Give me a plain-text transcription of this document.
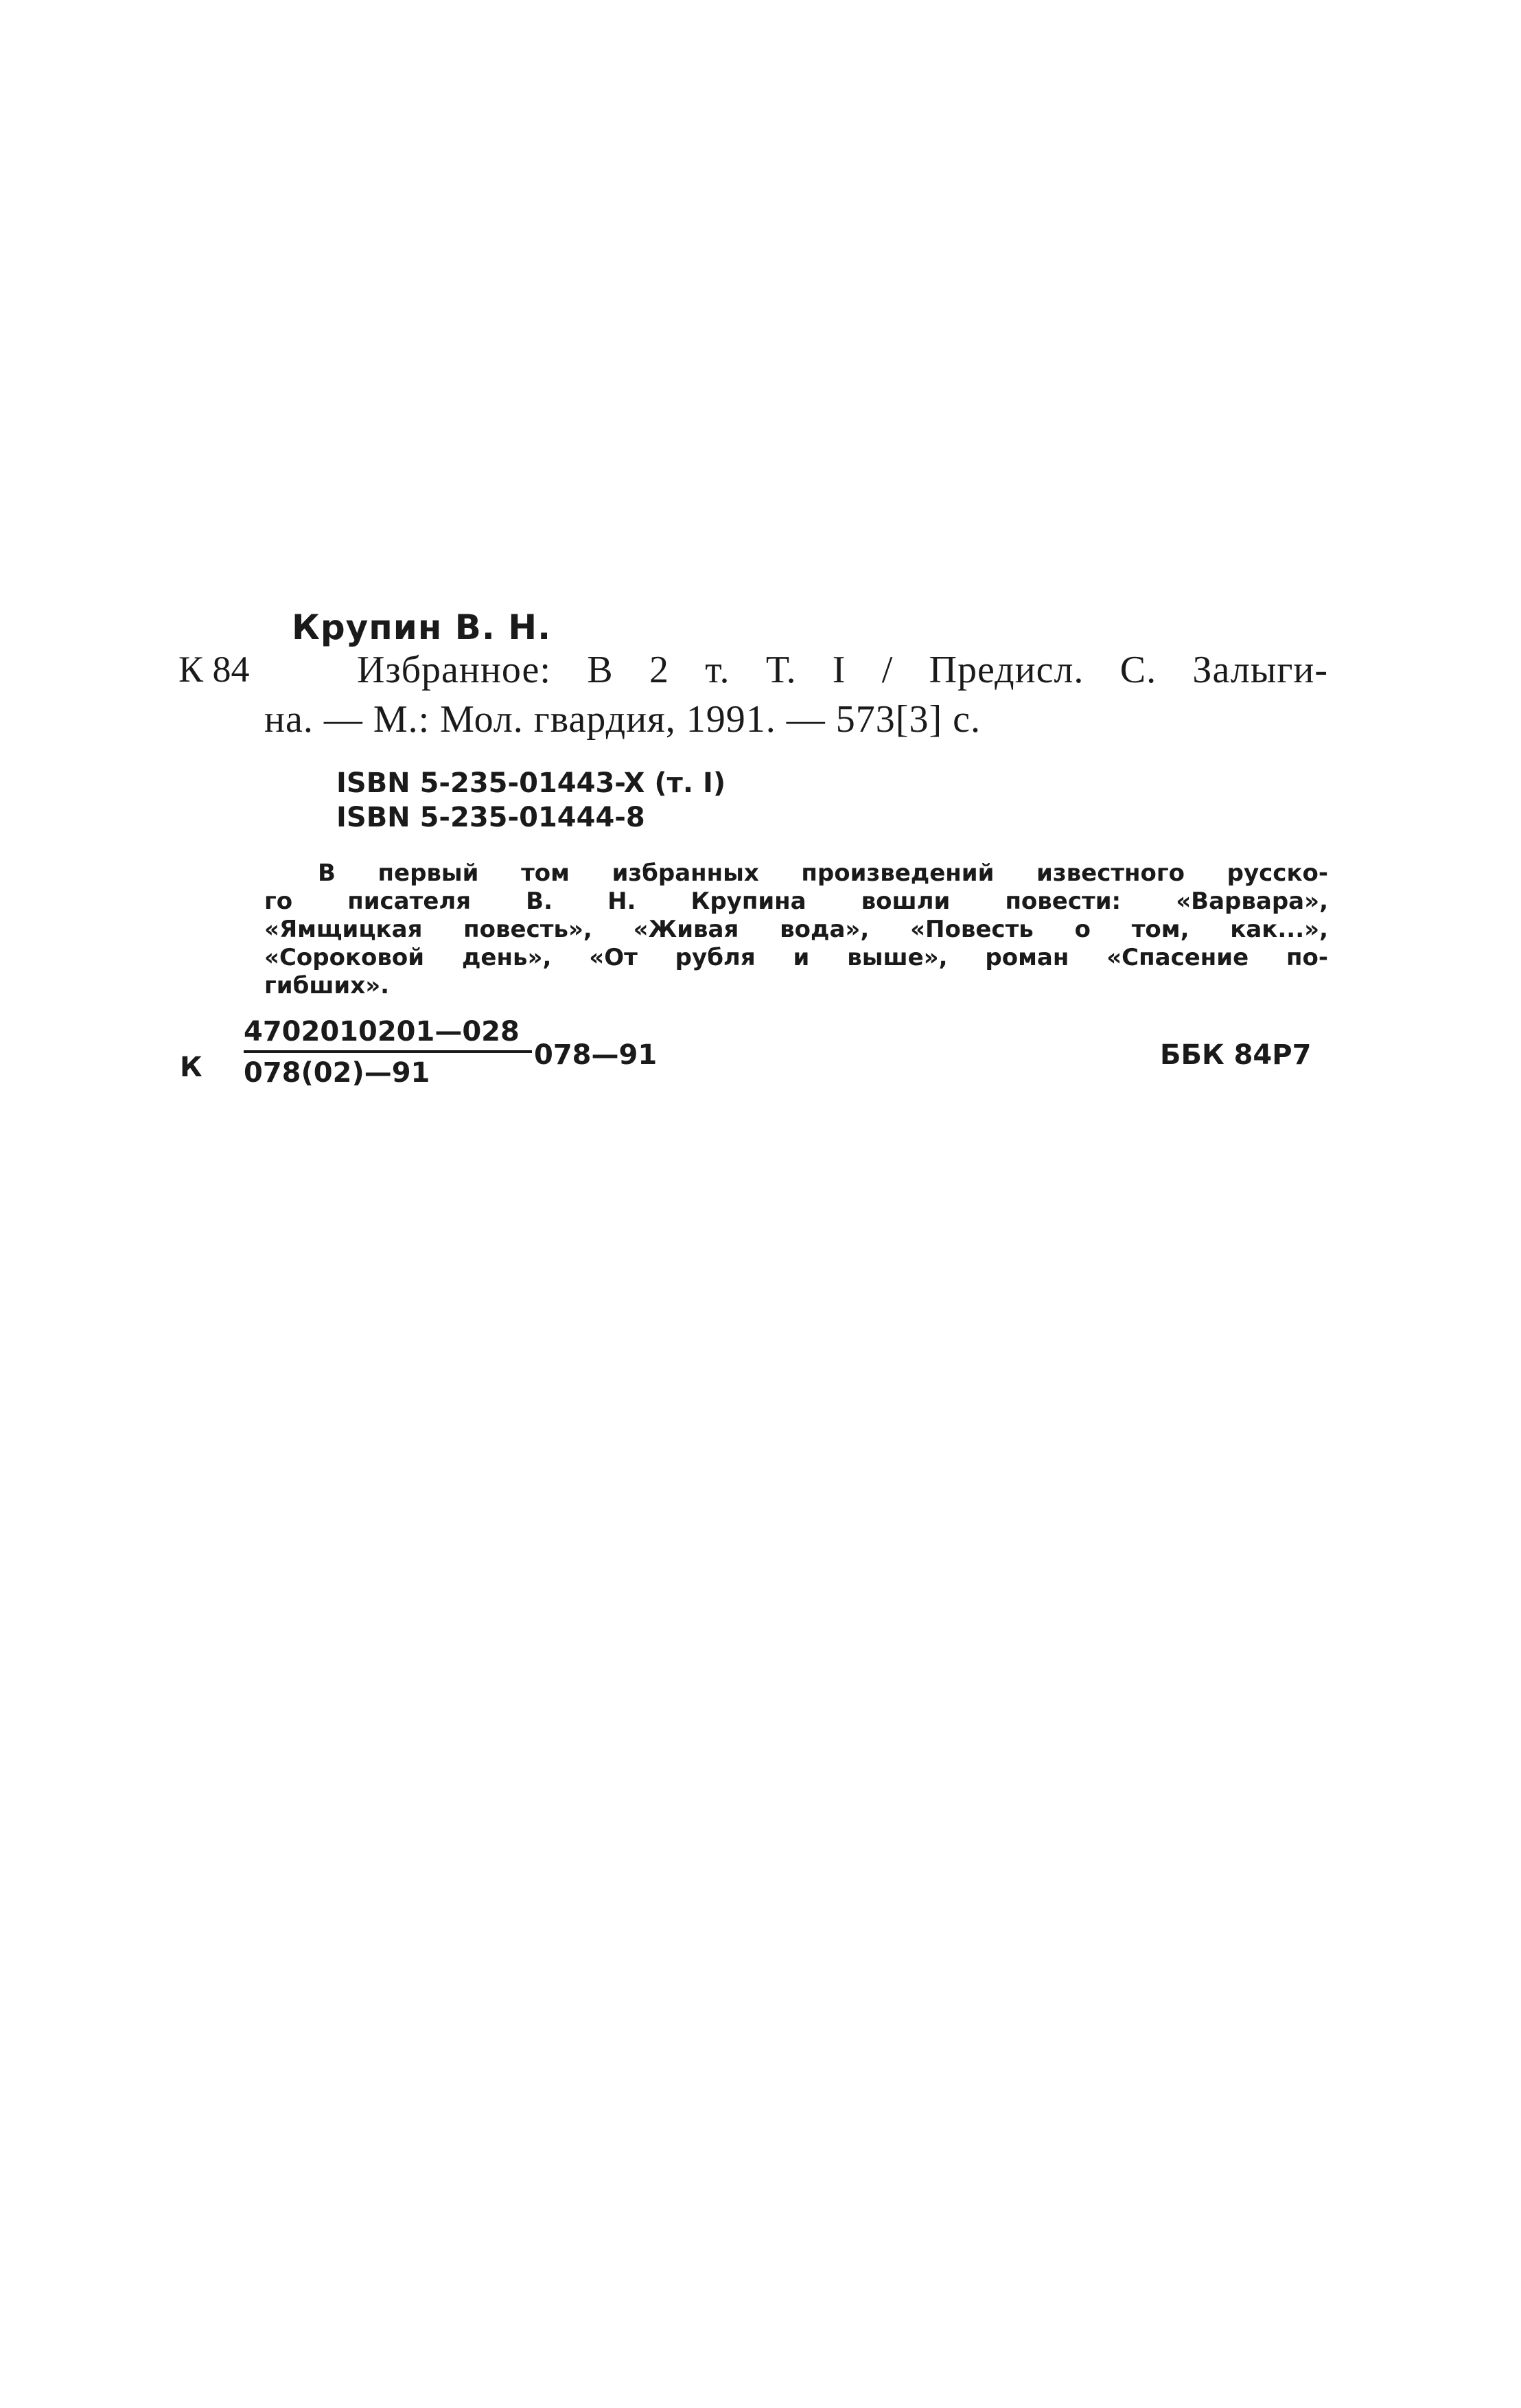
Крупин В. Н.
К 84	Избранное: В 2 т. Т. I / Предисл. С. Залыги-
на. — М.: Мол. гвардия, 1991. — 573[3] с.
ISBN 5-235-01443-X (т. I)
ISBN 5-235-01444-8
В первый том избранных произведений известного русско-
го писателя В. Н. Крупина вошли повести: «Варвара»,
«Ямщицкая повесть», «Живая вода», «Повесть о том, как...»,
«Сороковой день», «От рубля и выше», роман «Спасение по-
гибших».
К
4702010201—028
078(02)—91
078—91	ББК 84Р7
